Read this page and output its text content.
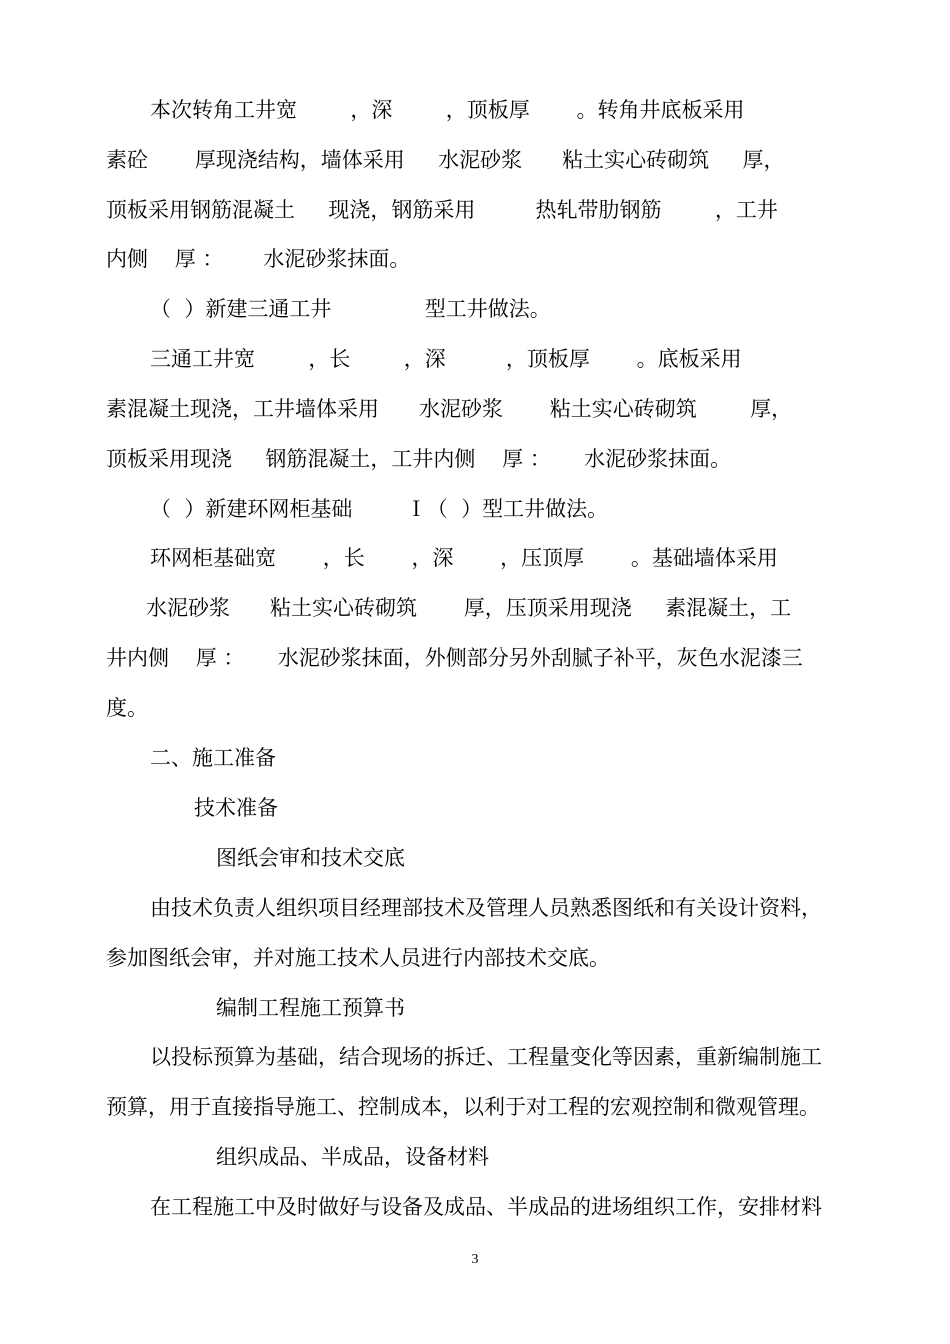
本次转角工井宽        ，深        ，顶板厚       。转角井底板采用
素砼       厚现浇结构，墙体采用     水泥砂浆      粘土实心砖砌筑     厚，
顶板采用钢筋混凝土     现浇，钢筋采用         热轧带肋钢筋        ，工井
内侧    厚 ：      水泥砂浆抹面。
（  ）新建三通工井              型工井做法。
三通工井宽        ，长        ，深         ，顶板厚       。底板采用
素混凝土现浇，工井墙体采用      水泥砂浆       粘土实心砖砌筑        厚，
顶板采用现浇     钢筋混凝土，工井内侧    厚 ：     水泥砂浆抹面。
（  ）新建环网柜基础        Ｉ（  ）型工井做法。
环网柜基础宽       ，长       ，深       ，压顶厚       。基础墙体采用
水泥砂浆      粘土实心砖砌筑       厚，压顶采用现浇     素混凝土，工
井内侧    厚 ：     水泥砂浆抹面，外侧部分另外刮腻子补平，灰色水泥漆三
度。
二、施工准备
技术准备
图纸会审和技术交底
由技术负责人组织项目经理部技术及管理人员熟悉图纸和有关设计资料，
参加图纸会审，并对施工技术人员进行内部技术交底。
编制工程施工预算书
以投标预算为基础，结合现场的拆迁、工程量变化等因素，重新编制施工
预算，用于直接指导施工、控制成本，以利于对工程的宏观控制和微观管理。
组织成品、半成品，设备材料
在工程施工中及时做好与设备及成品、半成品的进场组织工作，安排材料
3
